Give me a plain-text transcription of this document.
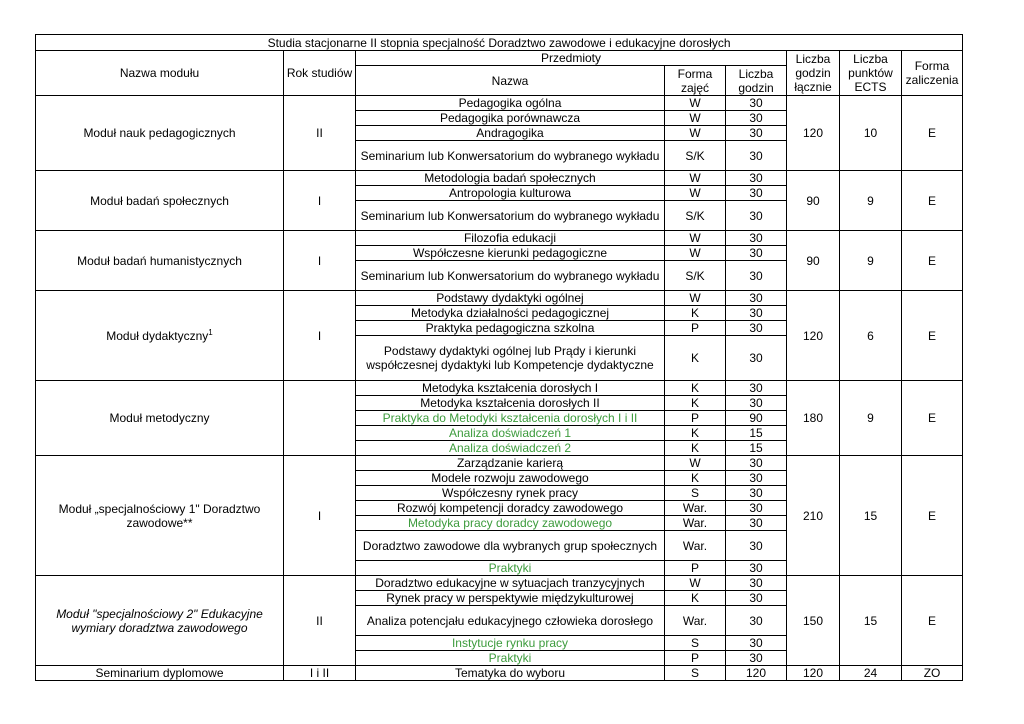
Studia stacjonarne II stopnia specjalność Doradztwo zawodowe i edukacyjne dorosłych							
Nazwa modułu	Rok studiów	Przedmioty			Liczba godzin łącznie	Liczba punktów ECTS	Forma zaliczenia
		Nazwa	Forma zajęć	Liczba godzin			
Moduł nauk pedagogicznych	II	Pedagogika ogólna	W	30	120	10	E
		Pedagogika porównawcza	W	30			
		Andragogika	W	30			
		Seminarium lub Konwersatorium do wybranego wykładu	S/K	30			
Moduł badań społecznych	I	Metodologia badań społecznych	W	30	90	9	E
		Antropologia kulturowa	W	30			
		Seminarium lub Konwersatorium do wybranego wykładu	S/K	30			
Moduł badań humanistycznych	I	Filozofia edukacji	W	30	90	9	E
		Współczesne kierunki pedagogiczne	W	30			
		Seminarium lub Konwersatorium do wybranego wykładu	S/K	30			
Moduł dydaktyczny$^1$	I	Podstawy dydaktyki ogólnej	W	30	120	6	E
		Metodyka działalności pedagogicznej	K	30			
		Praktyka pedagogiczna szkolna	P	30			
		Podstawy dydaktyki ogólnej lub Prądy i kierunki współczesnej dydaktyki lub Kompetencje dydaktyczne	K	30			
Moduł metodyczny		Metodyka kształcenia dorosłych I	K	30	180	9	E
		Metodyka kształcenia dorosłych II	K	30			
		Praktyka do Metodyki kształcenia dorosłych I i II	P	90			
		Analiza doświadczeń 1	K	15			
		Analiza doświadczeń 2	K	15			
Moduł „specjalnościowy 1" Doradztwo zawodowe**	I	Zarządzanie karierą	W	30	210	15	E
		Modele rozwoju zawodowego	K	30			
		Współczesny rynek pracy	S	30			
		Rozwój kompetencji doradcy zawodowego	War.	30			
		Metodyka pracy doradcy zawodowego	War.	30			
		Doradztwo zawodowe dla wybranych grup społecznych	War.	30			
		Praktyki	P	30			
Moduł "specjalnościowy 2" Edukacyjne wymiary doradztwa zawodowego	II	Doradztwo edukacyjne w sytuacjach tranzycyjnych	W	30	150	15	E
		Rynek pracy w perspektywie międzykulturowej	K	30			
		Analiza potencjału edukacyjnego człowieka dorosłego	War.	30			
		Instytucje rynku pracy	S	30			
		Praktyki	P	30			
Seminarium dyplomowe	I i II	Tematyka do wyboru	S	120	120	24	ZO
